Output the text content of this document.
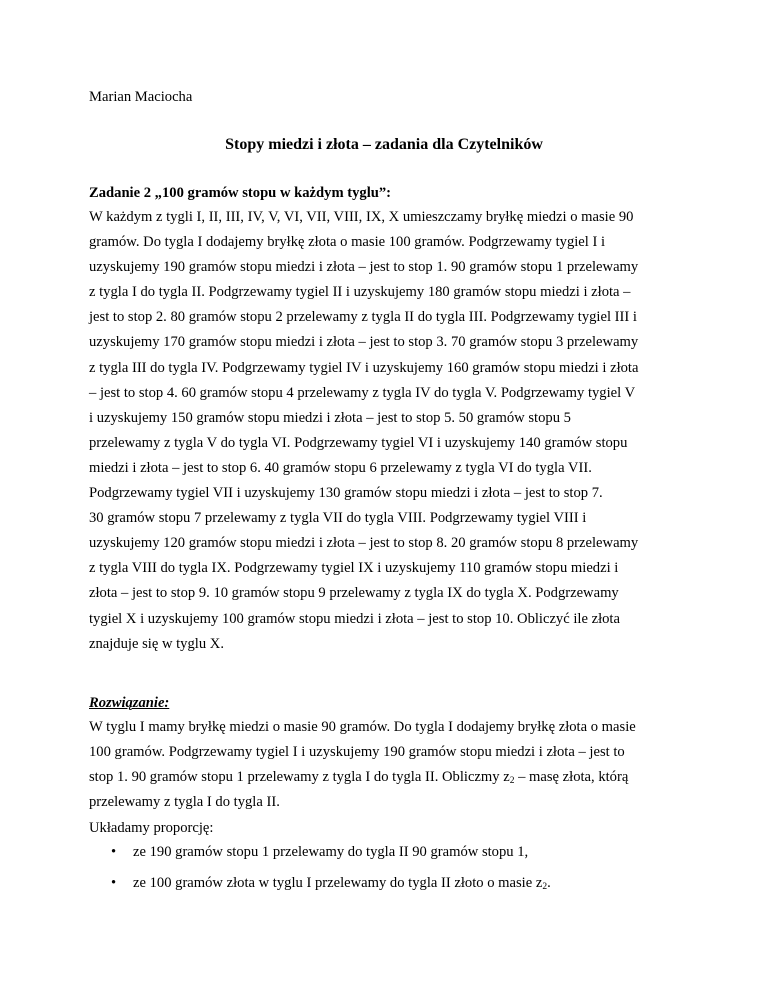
Marian Maciocha
Stopy miedzi i złota – zadania dla Czytelników
Zadanie 2 „100 gramów stopu w każdym tyglu”:

W każdym z tygli I, II, III, IV, V, VI, VII, VIII, IX, X umieszczamy bryłkę miedzi o masie 90

gramów. Do tygla I dodajemy bryłkę złota o masie 100 gramów. Podgrzewamy tygiel I i

uzyskujemy 190 gramów stopu miedzi i złota – jest to stop 1. 90 gramów stopu 1 przelewamy

z tygla I do tygla II. Podgrzewamy tygiel II i uzyskujemy 180 gramów stopu miedzi i złota –

jest to stop 2. 80 gramów stopu 2 przelewamy z tygla II do tygla III. Podgrzewamy tygiel III i

uzyskujemy 170 gramów stopu miedzi i złota – jest to stop 3. 70 gramów stopu 3 przelewamy

z tygla III do tygla IV. Podgrzewamy tygiel IV i uzyskujemy 160 gramów stopu miedzi i złota

– jest to stop 4. 60 gramów stopu 4 przelewamy z tygla IV do tygla V. Podgrzewamy tygiel V

i uzyskujemy 150 gramów stopu miedzi i złota – jest to stop 5. 50 gramów stopu 5

przelewamy z tygla V do tygla VI. Podgrzewamy tygiel VI i uzyskujemy 140 gramów stopu

miedzi i złota – jest to stop 6. 40 gramów stopu 6 przelewamy z tygla VI do tygla VII.

Podgrzewamy tygiel VII i uzyskujemy 130 gramów stopu miedzi i złota – jest to stop 7.

30 gramów stopu 7 przelewamy z tygla VII do tygla VIII. Podgrzewamy tygiel VIII i

uzyskujemy 120 gramów stopu miedzi i złota – jest to stop 8. 20 gramów stopu 8 przelewamy

z tygla VIII do tygla IX. Podgrzewamy tygiel IX i uzyskujemy 110 gramów stopu miedzi i

złota – jest to stop 9. 10 gramów stopu 9 przelewamy z tygla IX do tygla X. Podgrzewamy

tygiel X i uzyskujemy 100 gramów stopu miedzi i złota – jest to stop 10. Obliczyć ile złota

znajduje się w tyglu X.

Rozwiązanie:

W tyglu I mamy bryłkę miedzi o masie 90 gramów. Do tygla I dodajemy bryłkę złota o masie

100 gramów. Podgrzewamy tygiel I i uzyskujemy 190 gramów stopu miedzi i złota – jest to

stop 1. 90 gramów stopu 1 przelewamy z tygla I do tygla II. Obliczmy $z_2$ – masę złota, którą

przelewamy z tygla I do tygla II.

Układamy proporcję:
• ze 190 gramów stopu 1 przelewamy do tygla II 90 gramów stopu 1,
• ze 100 gramów złota w tyglu I przelewamy do tygla II złoto o masie $z_2$.
